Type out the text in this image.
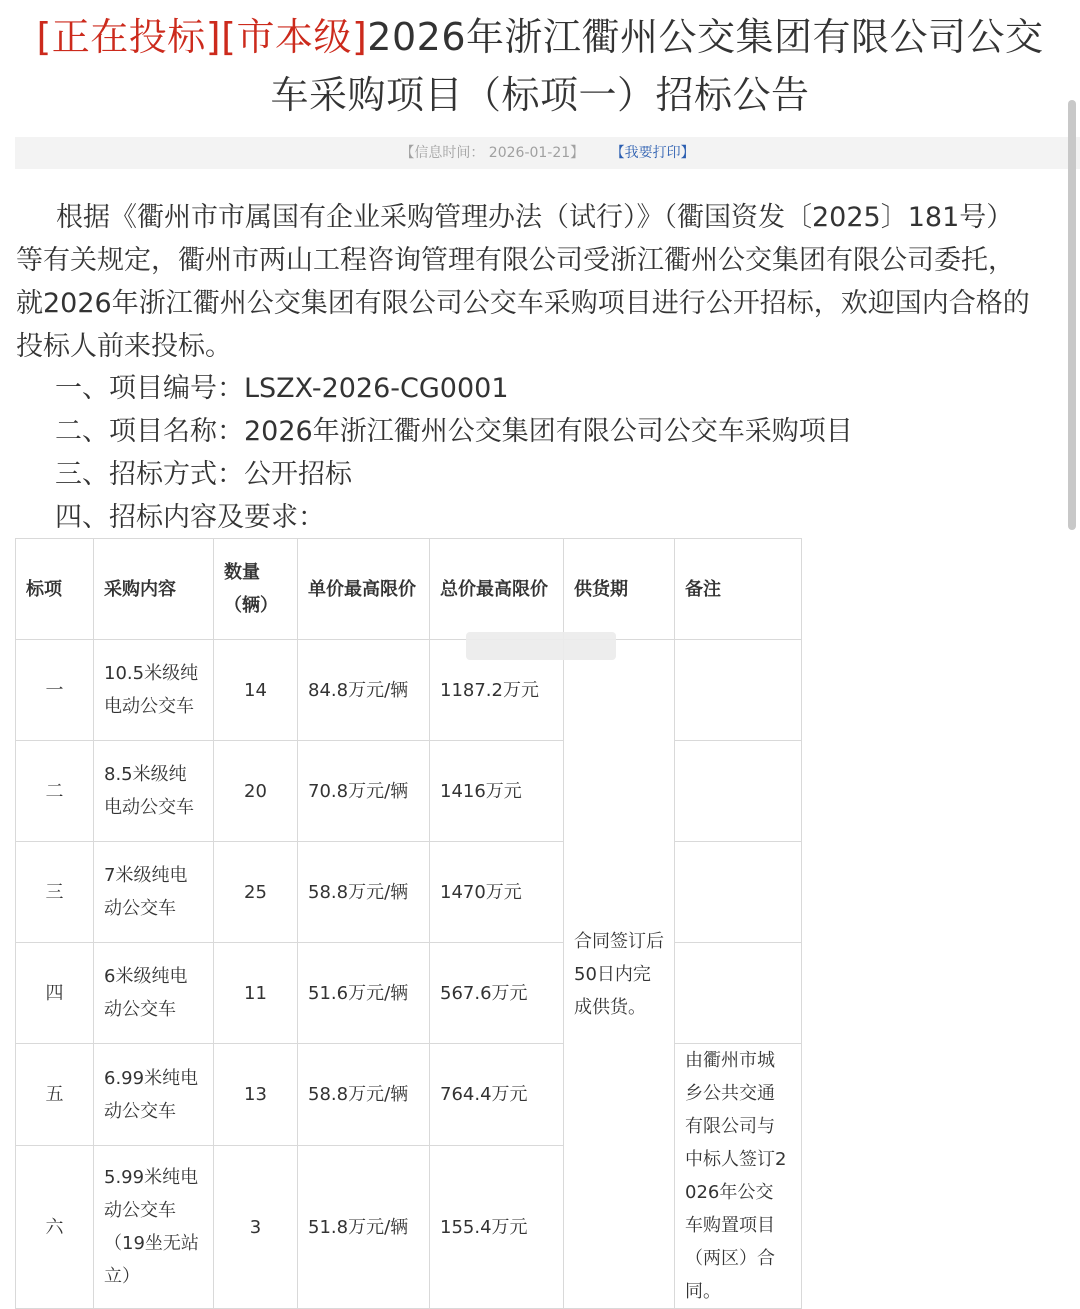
[正在投标][市本级]2026年浙江衢州公交集团有限公司公交
车采购项目（标项一）招标公告
【信息时间： 2026-01-21】 【我要打印】

根据《衢州市市属国有企业采购管理办法（试行）》（衢国资发〔2025〕181号）

等有关规定，衢州市两山工程咨询管理有限公司受浙江衢州公交集团有限公司委托，

就2026年浙江衢州公交集团有限公司公交车采购项目进行公开招标，欢迎国内合格的

投标人前来投标。

一、项目编号：LSZX-2026-CG0001
二、项目名称：2026年浙江衢州公交集团有限公司公交车采购项目
三、招标方式：公开招标
四、招标内容及要求：
标项	采购内容	数量（辆）	单价最高限价	总价最高限价	供货期	备注
一	10.5米级纯电动公交车	14	84.8万元/辆	1187.2万元	合同签订后50日内完成供货。	
二	8.5米级纯电动公交车	20	70.8万元/辆	1416万元		
三	7米级纯电动公交车	25	58.8万元/辆	1470万元		
四	6米级纯电动公交车	11	51.6万元/辆	567.6万元		
五	6.99米纯电动公交车	13	58.8万元/辆	764.4万元		由衢州市城乡公共交通有限公司与中标人签订2026年公交车购置项目（两区）合同。
六	5.99米纯电动公交车（19坐无站立）	3	51.8万元/辆	155.4万元		
